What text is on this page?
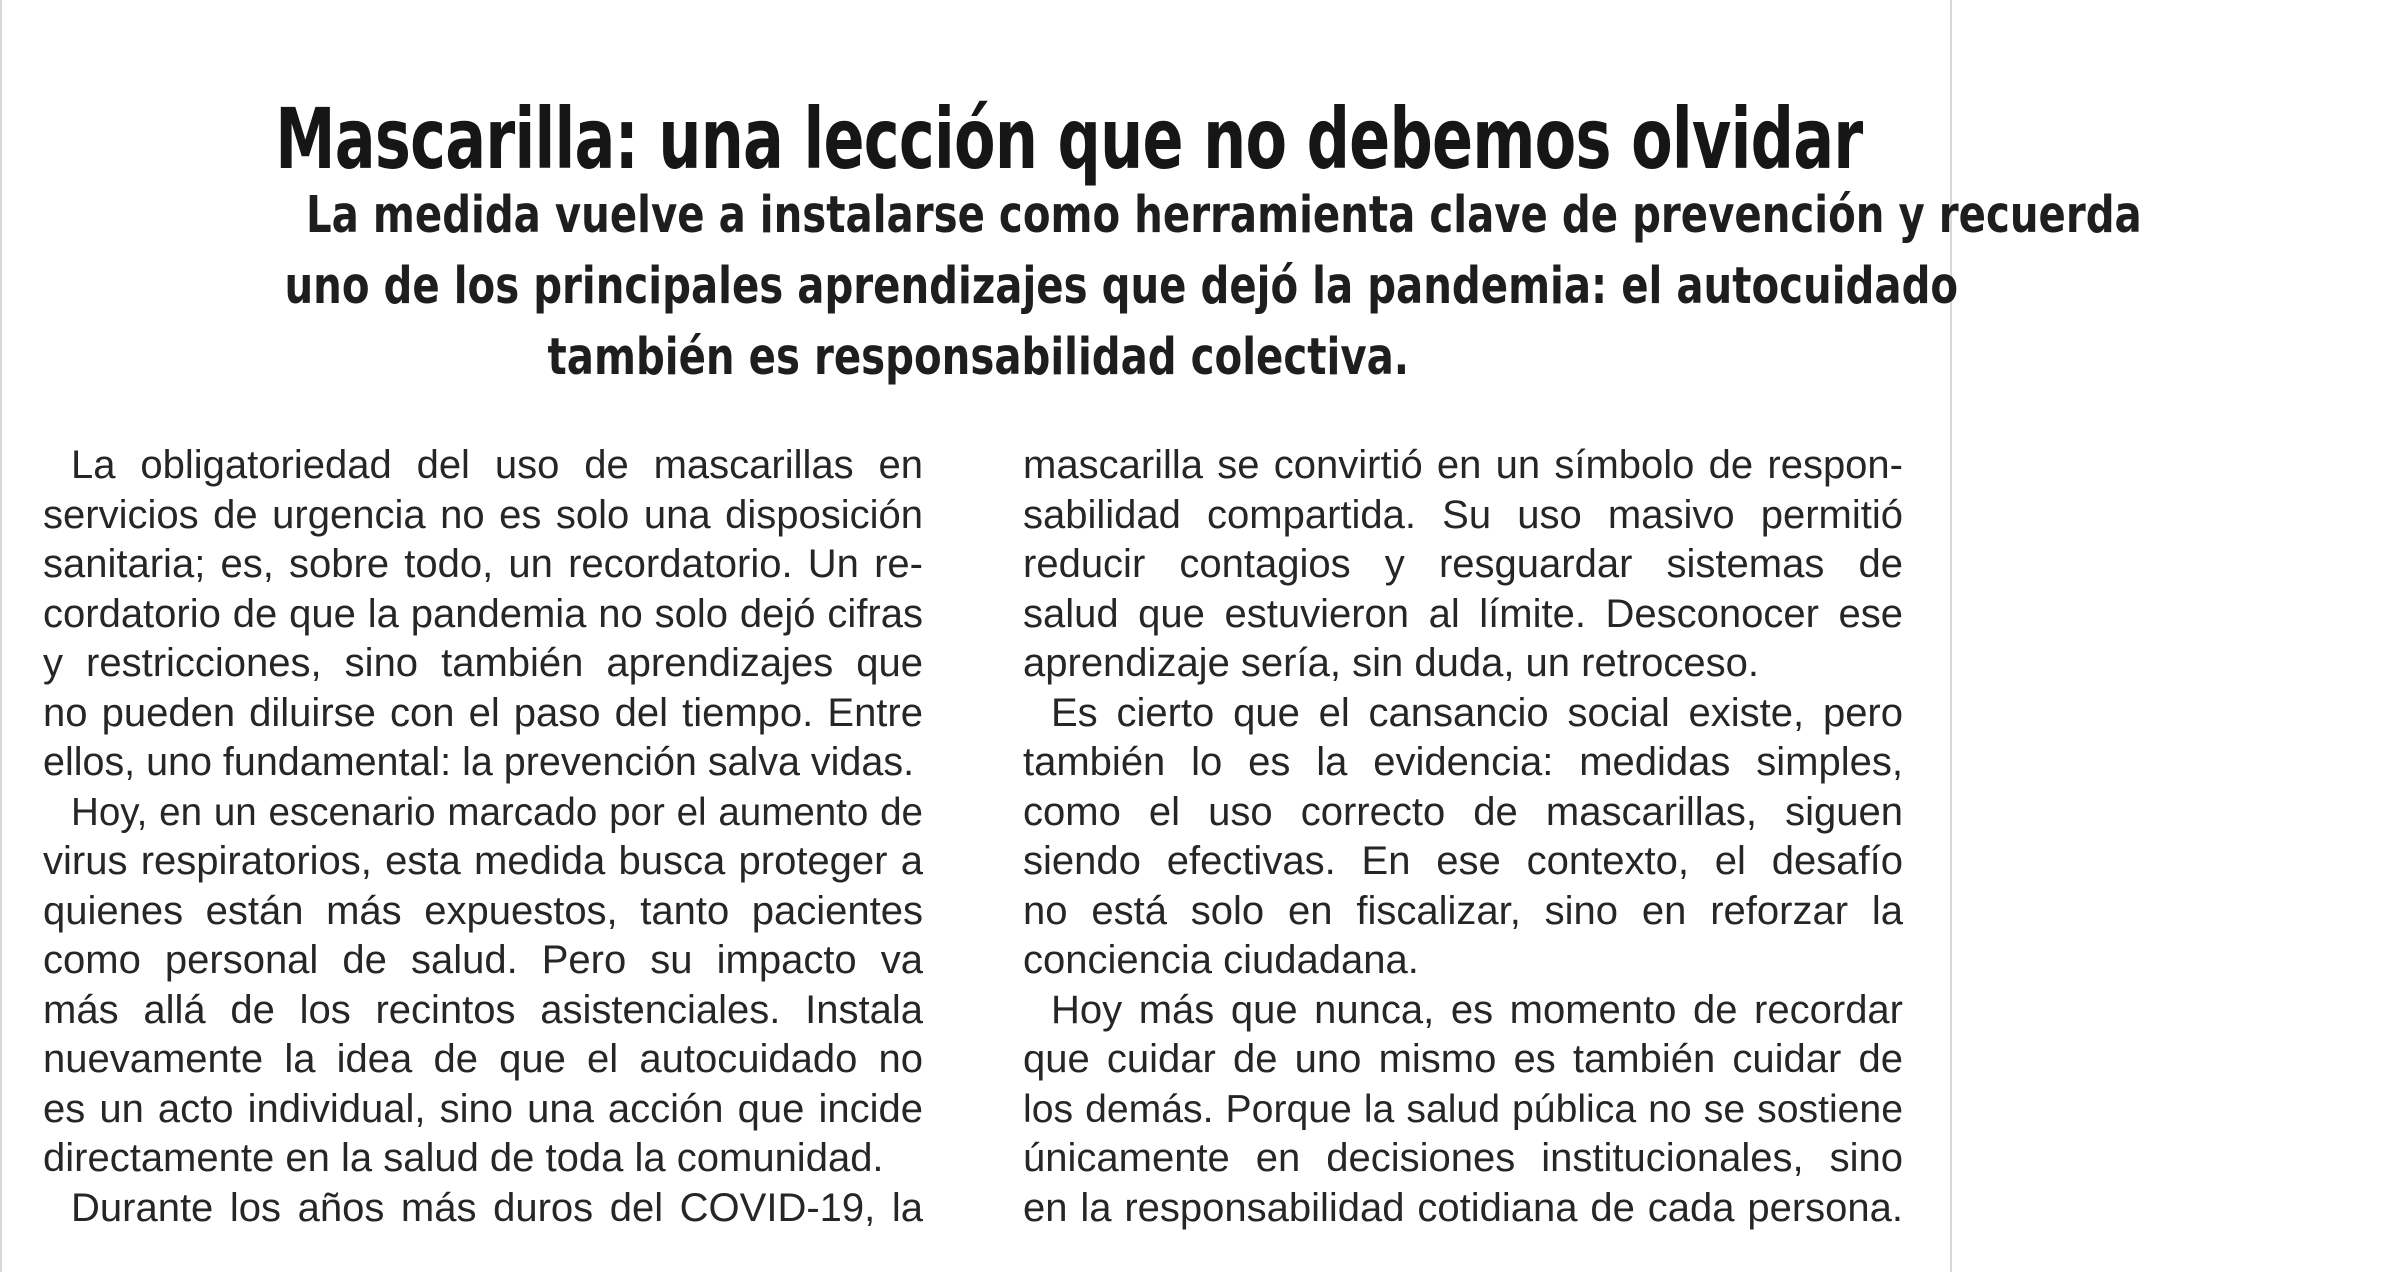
Mascarilla: una lección que no debemos olvidar
La medida vuelve a instalarse como herramienta clave de prevención y recuerda
uno de los principales aprendizajes que dejó la pandemia: el autocuidado
también es responsabilidad colectiva.
La obligatoriedad del uso de mascarillas en
servicios de urgencia no es solo una disposición
sanitaria; es, sobre todo, un recordatorio. Un re-
cordatorio de que la pandemia no solo dejó cifras
y restricciones, sino también aprendizajes que
no pueden diluirse con el paso del tiempo. Entre
ellos, uno fundamental: la prevención salva vidas.
Hoy, en un escenario marcado por el aumento de
virus respiratorios, esta medida busca proteger a
quienes están más expuestos, tanto pacientes
como personal de salud. Pero su impacto va
más allá de los recintos asistenciales. Instala
nuevamente la idea de que el autocuidado no
es un acto individual, sino una acción que incide
directamente en la salud de toda la comunidad.
Durante los años más duros del COVID-19, la
mascarilla se convirtió en un símbolo de respon-
sabilidad compartida. Su uso masivo permitió
reducir contagios y resguardar sistemas de
salud que estuvieron al límite. Desconocer ese
aprendizaje sería, sin duda, un retroceso.
Es cierto que el cansancio social existe, pero
también lo es la evidencia: medidas simples,
como el uso correcto de mascarillas, siguen
siendo efectivas. En ese contexto, el desafío
no está solo en fiscalizar, sino en reforzar la
conciencia ciudadana.
Hoy más que nunca, es momento de recordar
que cuidar de uno mismo es también cuidar de
los demás. Porque la salud pública no se sostiene
únicamente en decisiones institucionales, sino
en la responsabilidad cotidiana de cada persona.
